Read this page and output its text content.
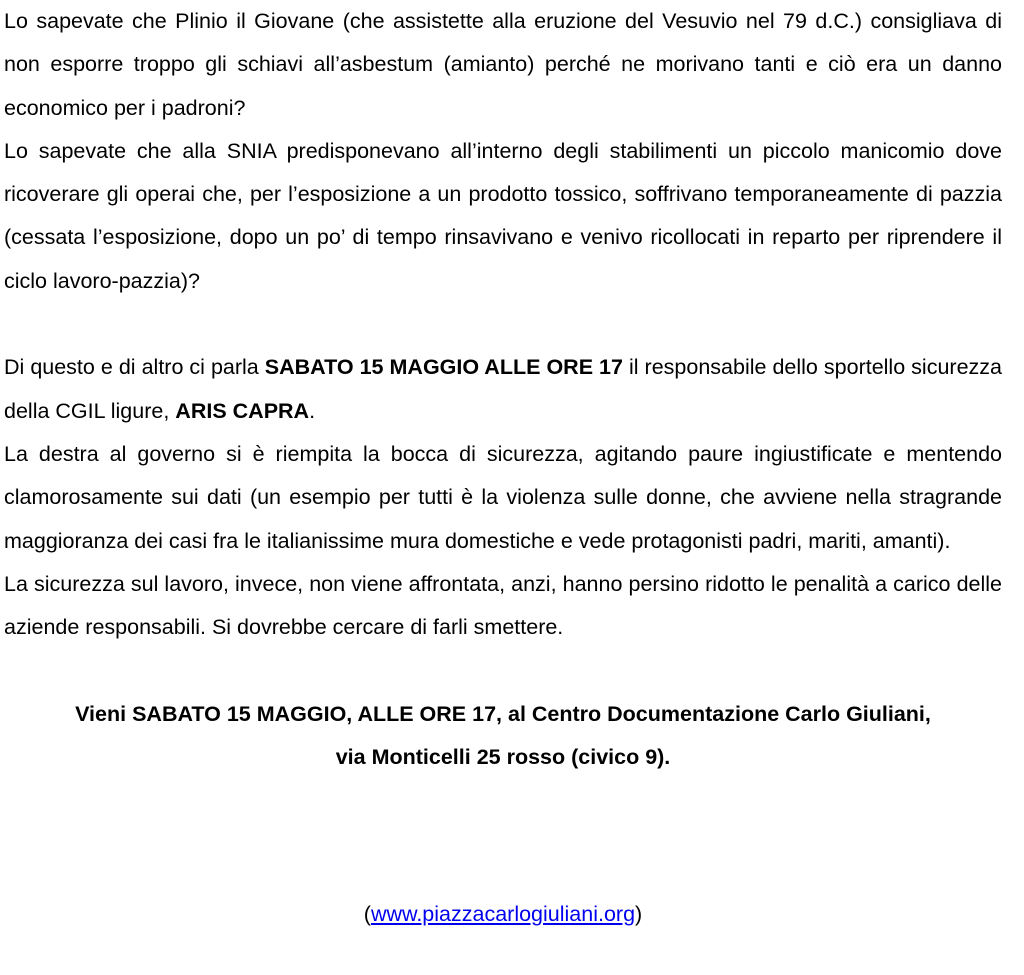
Lo sapevate che Plinio il Giovane (che assistette alla eruzione del Vesuvio nel 79 d.C.) consigliava di non esporre troppo gli schiavi all’asbestum (amianto) perché ne morivano tanti e ciò era un danno economico per i padroni?

Lo sapevate che alla SNIA predisponevano all’interno degli stabilimenti un piccolo manicomio dove ricoverare gli operai che, per l’esposizione a un prodotto tossico, soffrivano temporaneamente di pazzia (cessata l’esposizione, dopo un po’ di tempo rinsavivano e venivo ricollocati in reparto per riprendere il ciclo lavoro-pazzia)?

Di questo e di altro ci parla SABATO 15 MAGGIO ALLE ORE 17 il responsabile dello sportello sicurezza della CGIL ligure, ARIS CAPRA.

La destra al governo si è riempita la bocca di sicurezza, agitando paure ingiustificate e mentendo clamorosamente sui dati (un esempio per tutti è la violenza sulle donne, che avviene nella stragrande maggioranza dei casi fra le italianissime mura domestiche e vede protagonisti padri, mariti, amanti).

La sicurezza sul lavoro, invece, non viene affrontata, anzi, hanno persino ridotto le penalità a carico delle aziende responsabili. Si dovrebbe cercare di farli smettere.

Vieni SABATO 15 MAGGIO, ALLE ORE 17, al Centro Documentazione Carlo Giuliani,

via Monticelli 25 rosso (civico 9).

(www.piazzacarlogiuliani.org)
